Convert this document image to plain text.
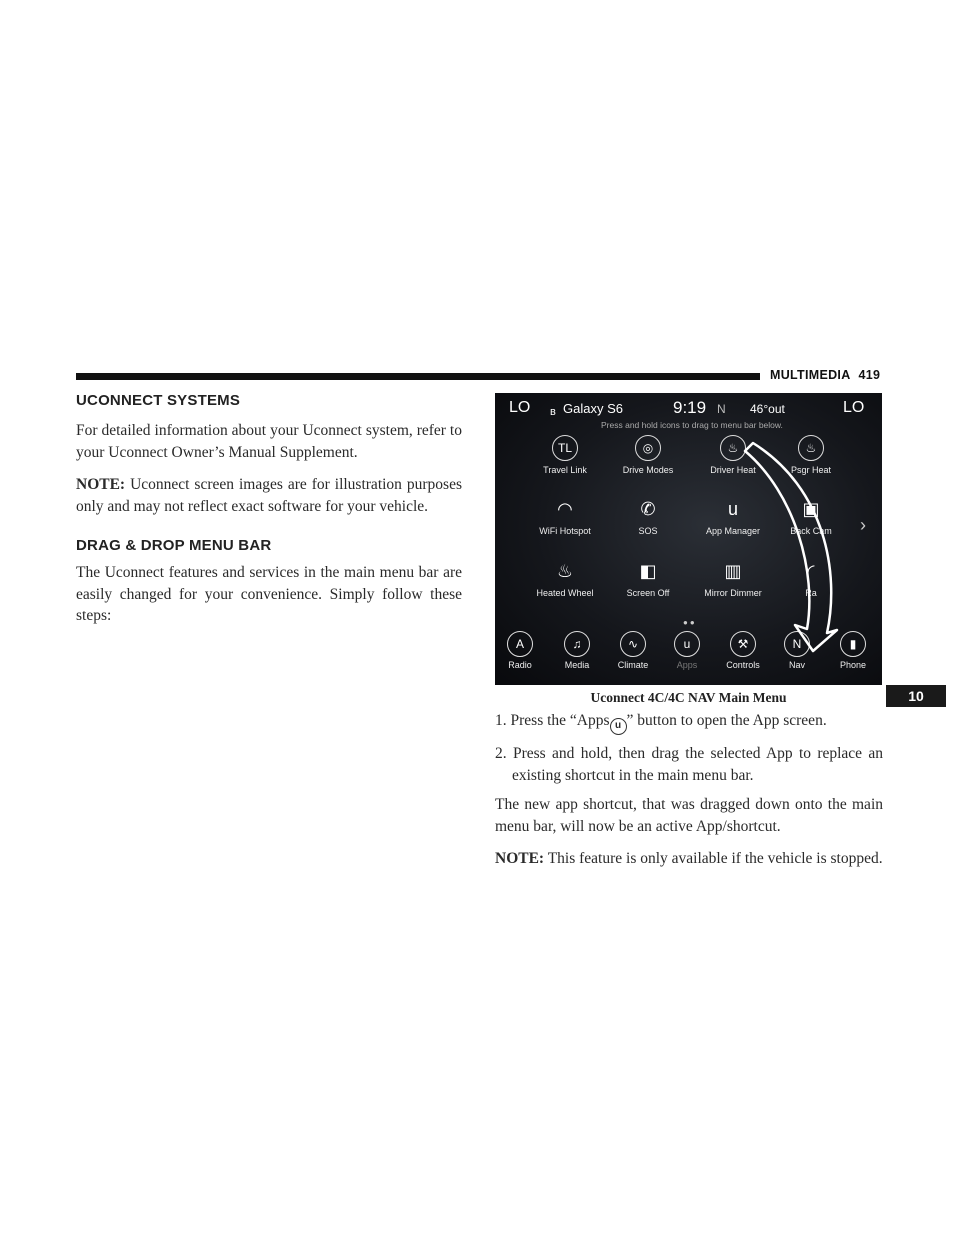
MULTIMEDIA 419
UCONNECT SYSTEMS

For detailed information about your Uconnect system, refer to your Uconnect Owner’s Manual Supplement.

NOTE: Uconnect screen images are for illustration purposes only and may not reflect exact software for your vehicle.

DRAG & DROP MENU BAR

The Uconnect features and services in the main menu bar are easily changed for your convenience. Simply follow these steps:

LO ʙ Galaxy S6	9:19 N 46°out	LO
Press and hold icons to drag to menu bar below.
TL
Travel Link
◎
Drive Modes
♨
Driver Heat
♨
Psgr Heat
◠
WiFi Hotspot
✆
SOS
u
App Manager
▣
Back Cam
♨
Heated Wheel
◧
Screen Off
▥
Mirror Dimmer
◜
Ra
›
●●
A
Radio
♫
Media
∿
Climate
u
Apps
⚒
Controls
N
Nav
▮
Phone
Uconnect 4C/4C NAV Main Menu
1. Press the “Apps u ” button to open the App screen.
2. Press and hold, then drag the selected App to replace an existing shortcut in the main menu bar.

The new app shortcut, that was dragged down onto the main menu bar, will now be an active App/shortcut.

NOTE: This feature is only available if the vehicle is stopped.

10
